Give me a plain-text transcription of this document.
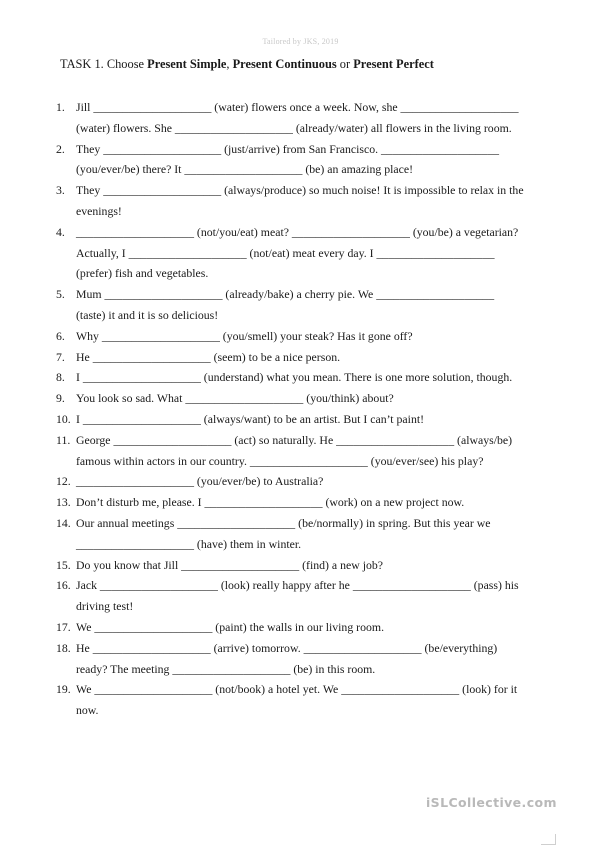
Tailored by JKS, 2019
TASK 1. Choose Present Simple, Present Continuous or Present Perfect
1. Jill ____________________ (water) flowers once a week. Now, she ____________________
(water) flowers. She ____________________ (already/water) all flowers in the living room.
2. They ____________________ (just/arrive) from San Francisco. ____________________
(you/ever/be) there? It ____________________ (be) an amazing place!
3. They ____________________ (always/produce) so much noise! It is impossible to relax in the
evenings!
4. ____________________ (not/you/eat) meat? ____________________ (you/be) a vegetarian?
Actually, I ____________________ (not/eat) meat every day. I ____________________
(prefer) fish and vegetables.
5. Mum ____________________ (already/bake) a cherry pie. We ____________________
(taste) it and it is so delicious!
6. Why ____________________ (you/smell) your steak? Has it gone off?
7. He ____________________ (seem) to be a nice person.
8. I ____________________ (understand) what you mean. There is one more solution, though.
9. You look so sad. What ____________________ (you/think) about?
10. I ____________________ (always/want) to be an artist. But I can’t paint!
11. George ____________________ (act) so naturally. He ____________________ (always/be)
famous within actors in our country. ____________________ (you/ever/see) his play?
12. ____________________ (you/ever/be) to Australia?
13. Don’t disturb me, please. I ____________________ (work) on a new project now.
14. Our annual meetings ____________________ (be/normally) in spring. But this year we
____________________ (have) them in winter.
15. Do you know that Jill ____________________ (find) a new job?
16. Jack ____________________ (look) really happy after he ____________________ (pass) his
driving test!
17. We ____________________ (paint) the walls in our living room.
18. He ____________________ (arrive) tomorrow. ____________________ (be/everything)
ready? The meeting ____________________ (be) in this room.
19. We ____________________ (not/book) a hotel yet. We ____________________ (look) for it
now.
iSLCollective.com
